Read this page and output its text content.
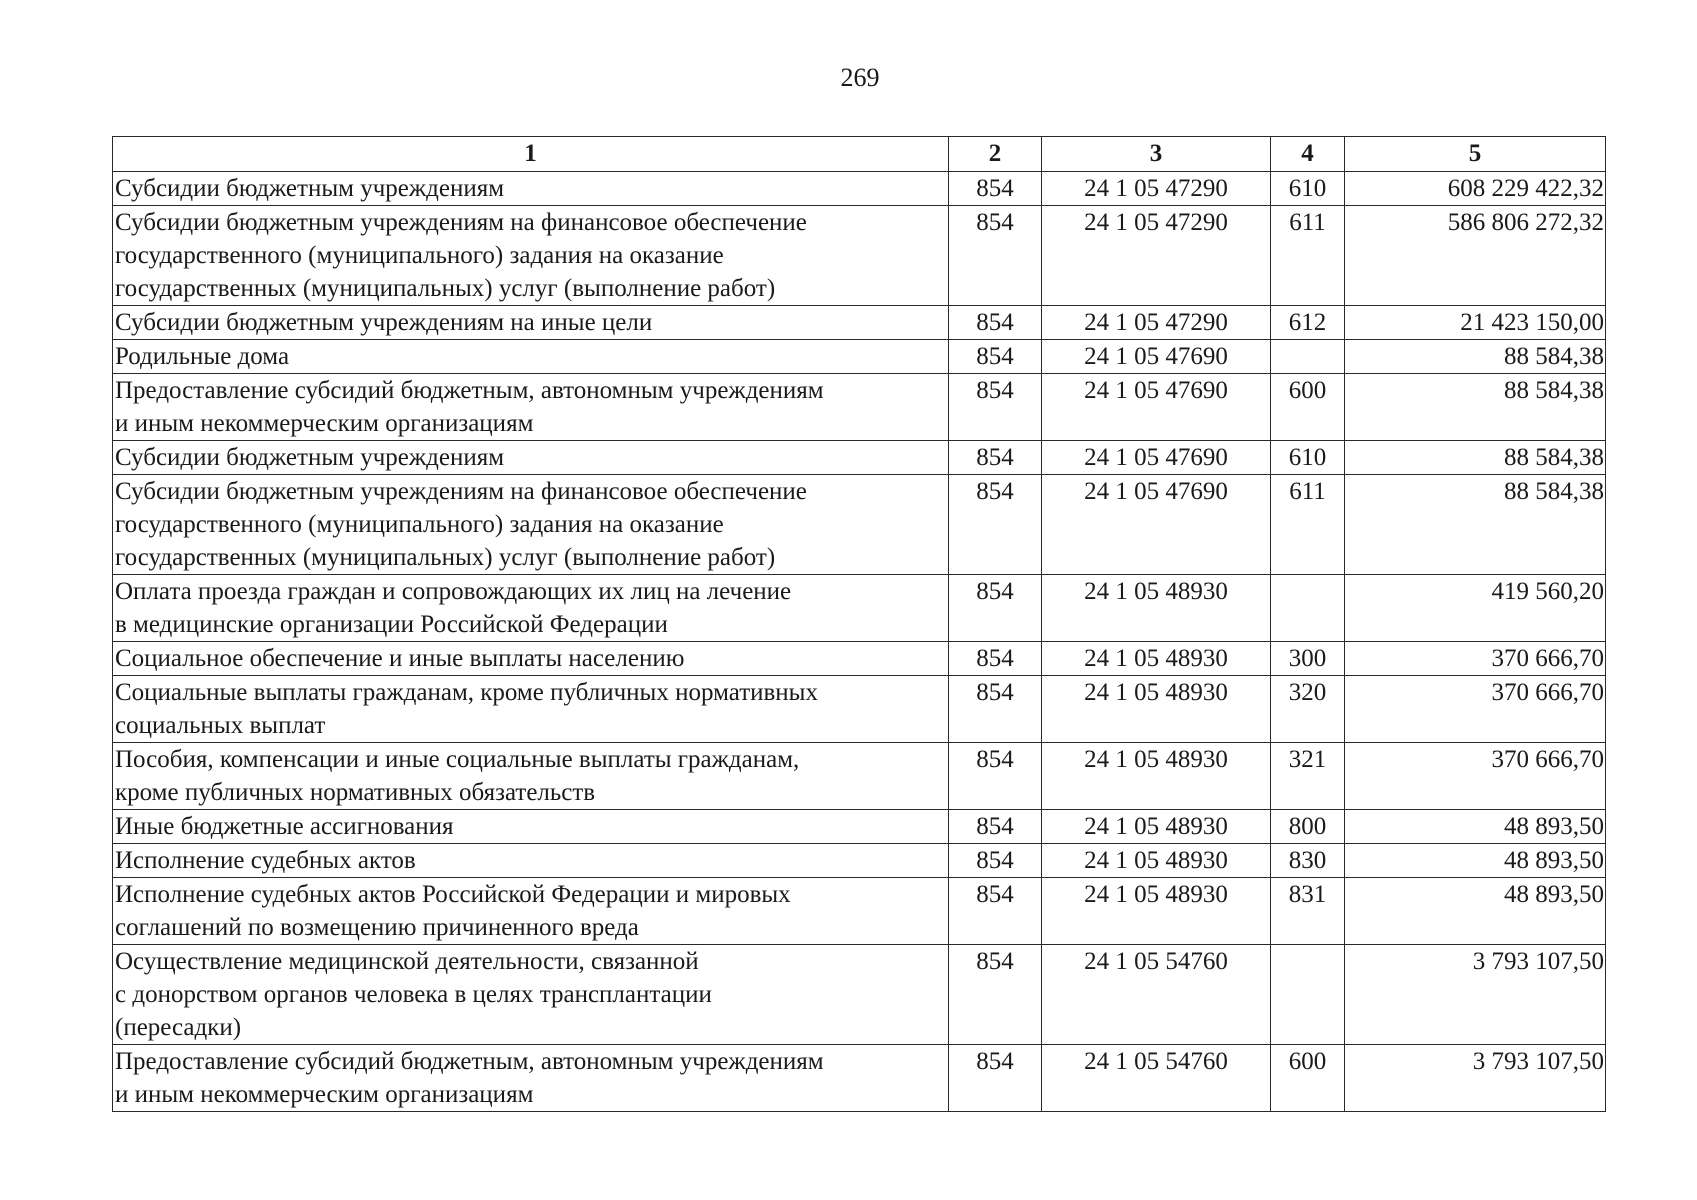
269
1	2	3	4	5

Субсидии бюджетным учреждениям	854	24 1 05 47290	610	608 229 422,32

Субсидии бюджетным учреждениям на финансовое обеспечение
государственного (муниципального) задания на оказание
государственных (муниципальных) услуг (выполнение работ)	854	24 1 05 47290	611	586 806 272,32

Субсидии бюджетным учреждениям на иные цели	854	24 1 05 47290	612	21 423 150,00

Родильные дома	854	24 1 05 47690		88 584,38

Предоставление субсидий бюджетным, автономным учреждениям
и иным некоммерческим организациям	854	24 1 05 47690	600	88 584,38

Субсидии бюджетным учреждениям	854	24 1 05 47690	610	88 584,38

Субсидии бюджетным учреждениям на финансовое обеспечение
государственного (муниципального) задания на оказание
государственных (муниципальных) услуг (выполнение работ)	854	24 1 05 47690	611	88 584,38

Оплата проезда граждан и сопровождающих их лиц на лечение
в медицинские организации Российской Федерации	854	24 1 05 48930		419 560,20

Социальное обеспечение и иные выплаты населению	854	24 1 05 48930	300	370 666,70

Социальные выплаты гражданам, кроме публичных нормативных
социальных выплат	854	24 1 05 48930	320	370 666,70

Пособия, компенсации и иные социальные выплаты гражданам,
кроме публичных нормативных обязательств	854	24 1 05 48930	321	370 666,70

Иные бюджетные ассигнования	854	24 1 05 48930	800	48 893,50

Исполнение судебных актов	854	24 1 05 48930	830	48 893,50

Исполнение судебных актов Российской Федерации и мировых
соглашений по возмещению причиненного вреда	854	24 1 05 48930	831	48 893,50

Осуществление медицинской деятельности, связанной
с донорством органов человека в целях трансплантации
(пересадки)	854	24 1 05 54760		3 793 107,50

Предоставление субсидий бюджетным, автономным учреждениям
и иным некоммерческим организациям	854	24 1 05 54760	600	3 793 107,50
